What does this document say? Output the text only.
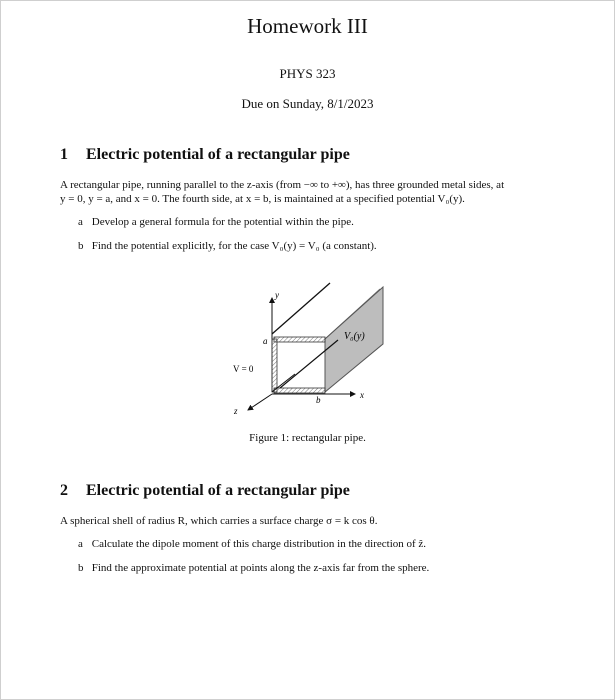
Homework III
PHYS 323
Due on Sunday, 8/1/2023
1 Electric potential of a rectangular pipe
A rectangular pipe, running parallel to the z-axis (from −∞ to +∞), has three grounded metal sides, at
y = 0, y = a, and x = 0. The fourth side, at x = b, is maintained at a specified potential V₀(y).
a Develop a general formula for the potential within the pipe.
b Find the potential explicitly, for the case V₀(y) = V₀ (a constant).
y
a	V₀(y)
V = 0
x
b
z
Figure 1: rectangular pipe.
2 Electric potential of a rectangular pipe
A spherical shell of radius R, which carries a surface charge σ = k cos θ.
a Calculate the dipole moment of this charge distribution in the direction of ẑ.
b Find the approximate potential at points along the z-axis far from the sphere.
